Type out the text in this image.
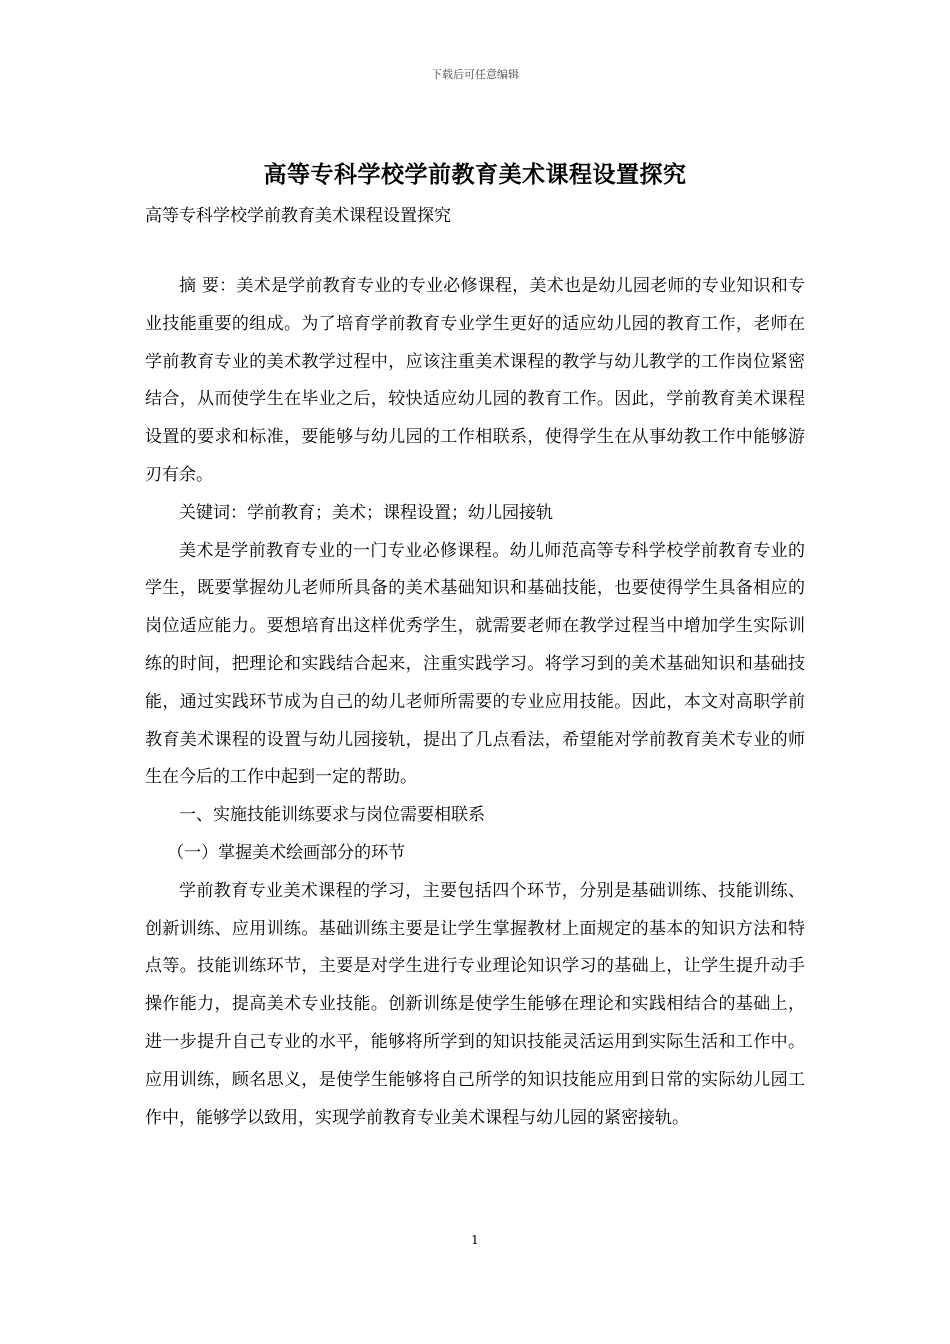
下载后可任意编辑
高等专科学校学前教育美术课程设置探究
高等专科学校学前教育美术课程设置探究

摘 要：美术是学前教育专业的专业必修课程，美术也是幼儿园老师的专业知识和专业技能重要的组成。为了培育学前教育专业学生更好的适应幼儿园的教育工作，老师在学前教育专业的美术教学过程中，应该注重美术课程的教学与幼儿教学的工作岗位紧密结合，从而使学生在毕业之后，较快适应幼儿园的教育工作。因此，学前教育美术课程设置的要求和标准，要能够与幼儿园的工作相联系，使得学生在从事幼教工作中能够游刃有余。

关键词：学前教育；美术；课程设置；幼儿园接轨

美术是学前教育专业的一门专业必修课程。幼儿师范高等专科学校学前教育专业的学生，既要掌握幼儿老师所具备的美术基础知识和基础技能，也要使得学生具备相应的岗位适应能力。要想培育出这样优秀学生，就需要老师在教学过程当中增加学生实际训练的时间，把理论和实践结合起来，注重实践学习。将学习到的美术基础知识和基础技能，通过实践环节成为自己的幼儿老师所需要的专业应用技能。因此，本文对高职学前教育美术课程的设置与幼儿园接轨，提出了几点看法，希望能对学前教育美术专业的师生在今后的工作中起到一定的帮助。

一、实施技能训练要求与岗位需要相联系

（一）掌握美术绘画部分的环节

学前教育专业美术课程的学习，主要包括四个环节，分别是基础训练、技能训练、创新训练、应用训练。基础训练主要是让学生掌握教材上面规定的基本的知识方法和特点等。技能训练环节，主要是对学生进行专业理论知识学习的基础上，让学生提升动手操作能力，提高美术专业技能。创新训练是使学生能够在理论和实践相结合的基础上，进一步提升自己专业的水平，能够将所学到的知识技能灵活运用到实际生活和工作中。应用训练，顾名思义，是使学生能够将自己所学的知识技能应用到日常的实际幼儿园工作中，能够学以致用，实现学前教育专业美术课程与幼儿园的紧密接轨。

1
